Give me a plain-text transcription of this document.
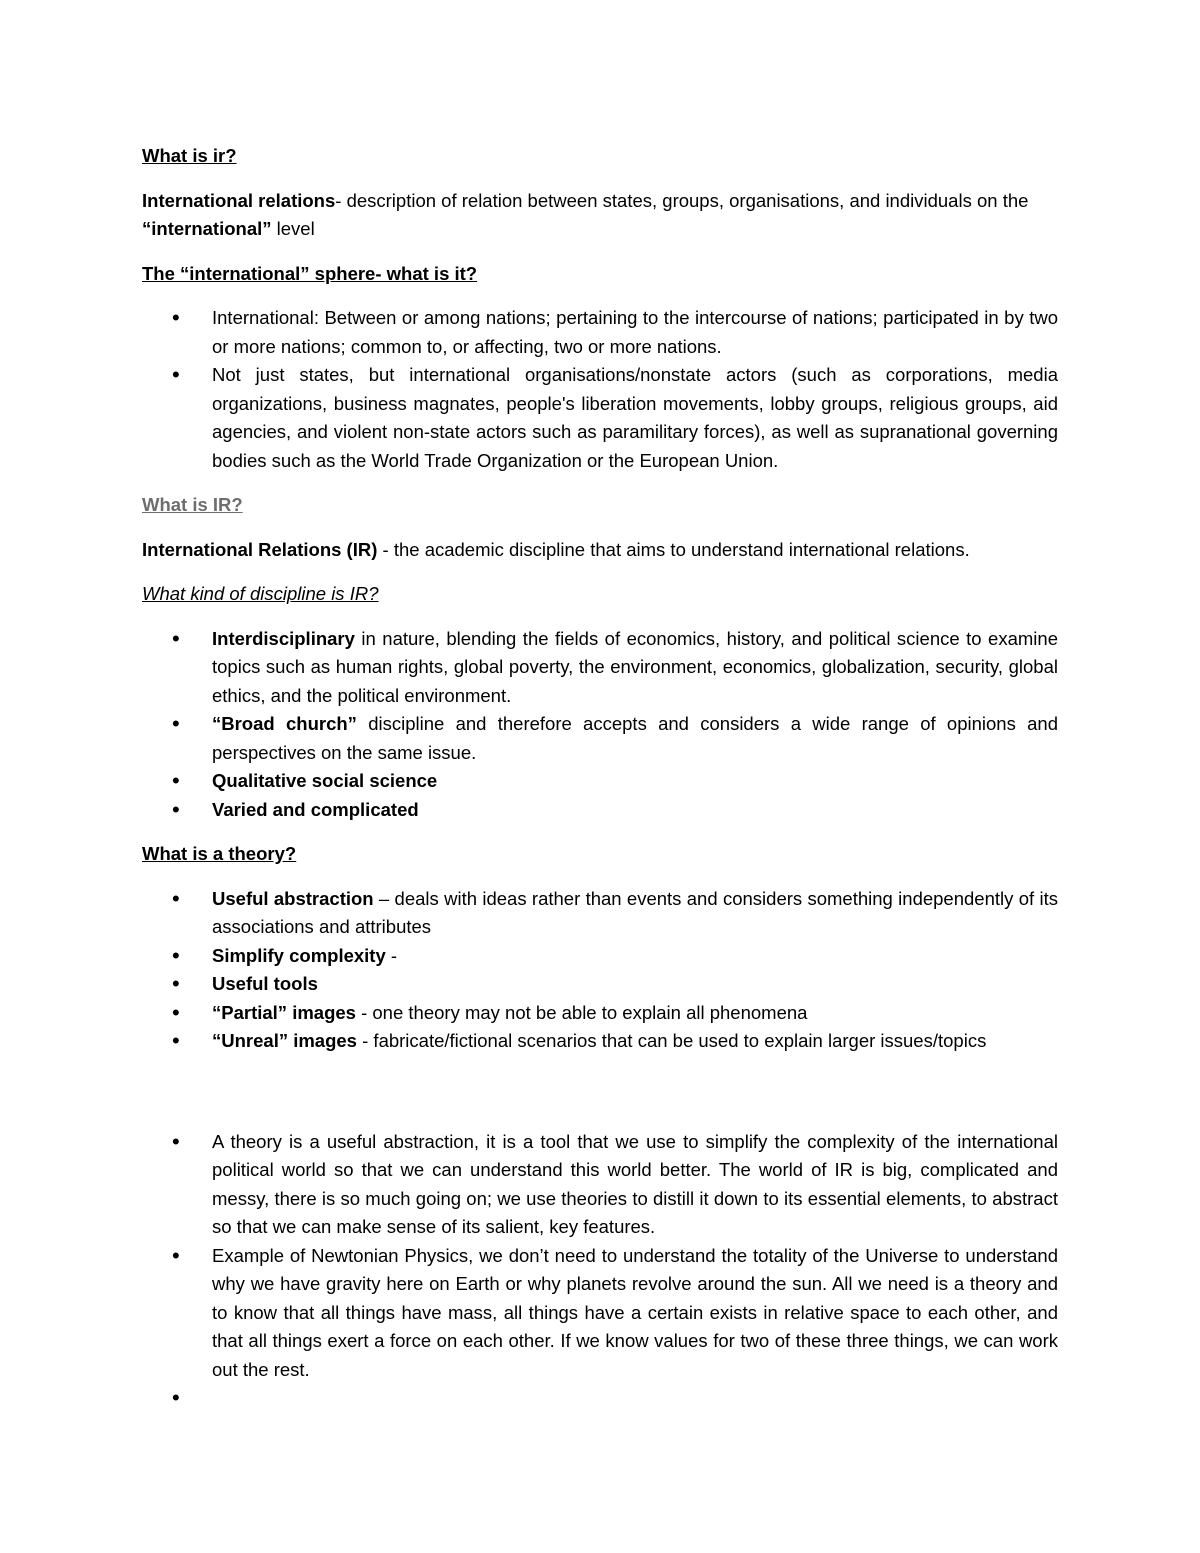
What is ir?

International relations- description of relation between states, groups, organisations, and individuals on the “international” level

The “international” sphere- what is it?

• International: Between or among nations; pertaining to the intercourse of nations; participated in by two or more nations; common to, or affecting, two or more nations.
• Not just states, but international organisations/nonstate actors (such as corporations, media organizations, business magnates, people's liberation movements, lobby groups, religious groups, aid agencies, and violent non-state actors such as paramilitary forces), as well as supranational governing bodies such as the World Trade Organization or the European Union.

What is IR?

International Relations (IR) - the academic discipline that aims to understand international relations.

What kind of discipline is IR?

• Interdisciplinary in nature, blending the fields of economics, history, and political science to examine topics such as human rights, global poverty, the environment, economics, globalization, security, global ethics, and the political environment.
• “Broad church” discipline and therefore accepts and considers a wide range of opinions and perspectives on the same issue.
• Qualitative social science
• Varied and complicated

What is a theory?

• Useful abstraction – deals with ideas rather than events and considers something independently of its associations and attributes
• Simplify complexity -
• Useful tools
• “Partial” images - one theory may not be able to explain all phenomena
• “Unreal” images - fabricate/fictional scenarios that can be used to explain larger issues/topics
• A theory is a useful abstraction, it is a tool that we use to simplify the complexity of the international political world so that we can understand this world better. The world of IR is big, complicated and messy, there is so much going on; we use theories to distill it down to its essential elements, to abstract so that we can make sense of its salient, key features.
• Example of Newtonian Physics, we don’t need to understand the totality of the Universe to understand why we have gravity here on Earth or why planets revolve around the sun. All we need is a theory and to know that all things have mass, all things have a certain exists in relative space to each other, and that all things exert a force on each other. If we know values for two of these three things, we can work out the rest.
